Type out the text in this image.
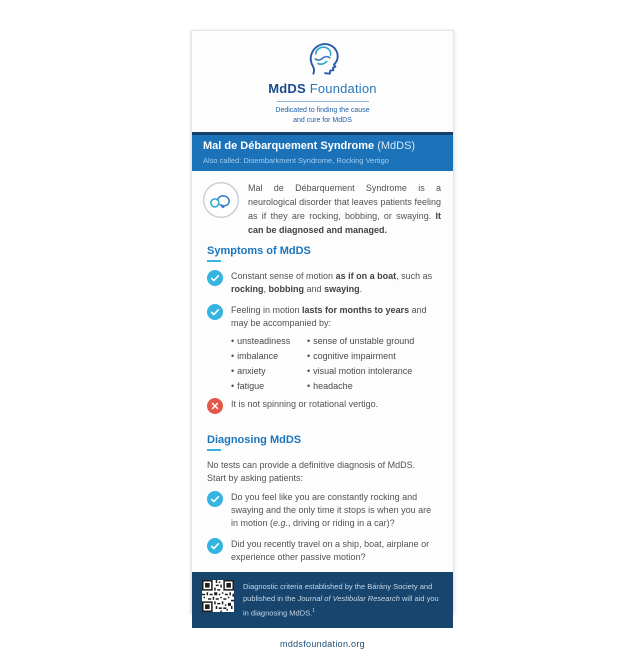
MdDS Foundation
Dedicated to finding the cause
and cure for MdDS
Mal de Débarquement Syndrome (MdDS)
Also called: Disembarkment Syndrome, Rocking Vertigo
Mal de Débarquement Syndrome is a neurological disorder that leaves patients feeling as if they are rocking, bobbing, or swaying. It can be diagnosed and managed.
Symptoms of MdDS
Constant sense of motion as if on a boat, such as rocking, bobbing and swaying.
Feeling in motion lasts for months to years and may be accompanied by:
• unsteadiness
• imbalance
• anxiety
• fatigue
• sense of unstable ground
• cognitive impairment
• visual motion intolerance
• headache
It is not spinning or rotational vertigo.
Diagnosing MdDS
No tests can provide a definitive diagnosis of MdDS. Start by asking patients:
Do you feel like you are constantly rocking and swaying and the only time it stops is when you are in motion (e.g., driving or riding in a car)?
Did you recently travel on a ship, boat, airplane or experience other passive motion?
Diagnostic criteria established by the Bárány Society and published in the Journal of Vestibular Research will aid you in diagnosing MdDS.$^1$
mddsfoundation.org
